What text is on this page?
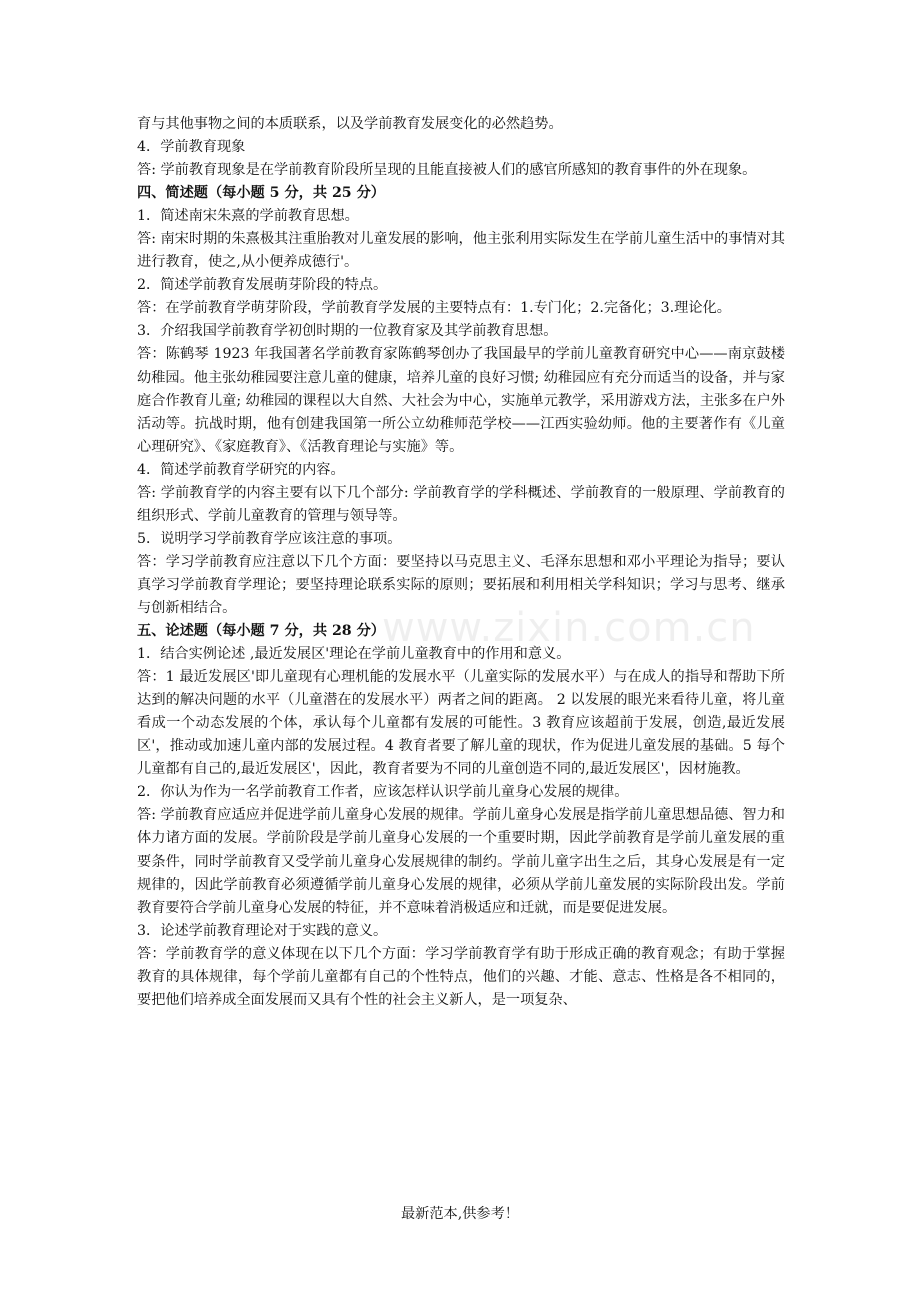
育与其他事物之间的本质联系，以及学前教育发展变化的必然趋势。

4．学前教育现象

答: 学前教育现象是在学前教育阶段所呈现的且能直接被人们的感官所感知的教育事件的外在现象。

四、简述题（每小题 5 分，共 25 分）

1．简述南宋朱熹的学前教育思想。

答: 南宋时期的朱熹极其注重胎教对儿童发展的影响，他主张利用实际发生在学前儿童生活中的事情对其进行教育，使之,从小便养成德行'。

2．简述学前教育发展萌芽阶段的特点。

答：在学前教育学萌芽阶段，学前教育学发展的主要特点有：1.专门化；2.完备化；3.理论化。

3．介绍我国学前教育学初创时期的一位教育家及其学前教育思想。

答：陈鹤琴 1923 年我国著名学前教育家陈鹤琴创办了我国最早的学前儿童教育研究中心——南京鼓楼幼稚园。他主张幼稚园要注意儿童的健康，培养儿童的良好习惯; 幼稚园应有充分而适当的设备，并与家庭合作教育儿童; 幼稚园的课程以大自然、大社会为中心，实施单元教学，采用游戏方法，主张多在户外活动等。抗战时期，他有创建我国第一所公立幼稚师范学校——江西实验幼师。他的主要著作有《儿童心理研究》、《家庭教育》、《活教育理论与实施》等。

4．简述学前教育学研究的内容。

答: 学前教育学的内容主要有以下几个部分: 学前教育学的学科概述、学前教育的一般原理、学前教育的组织形式、学前儿童教育的管理与领导等。

5．说明学习学前教育学应该注意的事项。

答：学习学前教育应注意以下几个方面：要坚持以马克思主义、毛泽东思想和邓小平理论为指导；要认真学习学前教育学理论；要坚持理论联系实际的原则；要拓展和利用相关学科知识；学习与思考、继承与创新相结合。

五、论述题（每小题 7 分，共 28 分）

1．结合实例论述 ,最近发展区'理论在学前儿童教育中的作用和意义。

答：1 最近发展区'即儿童现有心理机能的发展水平（儿童实际的发展水平）与在成人的指导和帮助下所达到的解决问题的水平（儿童潜在的发展水平）两者之间的距离。 2 以发展的眼光来看待儿童，将儿童看成一个动态发展的个体，承认每个儿童都有发展的可能性。3 教育应该超前于发展，创造,最近发展区'，推动或加速儿童内部的发展过程。4 教育者要了解儿童的现状，作为促进儿童发展的基础。5 每个儿童都有自己的,最近发展区'，因此，教育者要为不同的儿童创造不同的,最近发展区'，因材施教。

2．你认为作为一名学前教育工作者，应该怎样认识学前儿童身心发展的规律。

答: 学前教育应适应并促进学前儿童身心发展的规律。学前儿童身心发展是指学前儿童思想品德、智力和体力诸方面的发展。学前阶段是学前儿童身心发展的一个重要时期，因此学前教育是学前儿童发展的重要条件，同时学前教育又受学前儿童身心发展规律的制约。学前儿童字出生之后，其身心发展是有一定规律的，因此学前教育必须遵循学前儿童身心发展的规律，必须从学前儿童发展的实际阶段出发。学前教育要符合学前儿童身心发展的特征，并不意味着消极适应和迁就，而是要促进发展。

3．论述学前教育理论对于实践的意义。

答：学前教育学的意义体现在以下几个方面：学习学前教育学有助于形成正确的教育观念；有助于掌握教育的具体规律，每个学前儿童都有自己的个性特点，他们的兴趣、才能、意志、性格是各不相同的，要把他们培养成全面发展而又具有个性的社会主义新人，是一项复杂、

www.zixin.com.cn
最新范本,供参考！
